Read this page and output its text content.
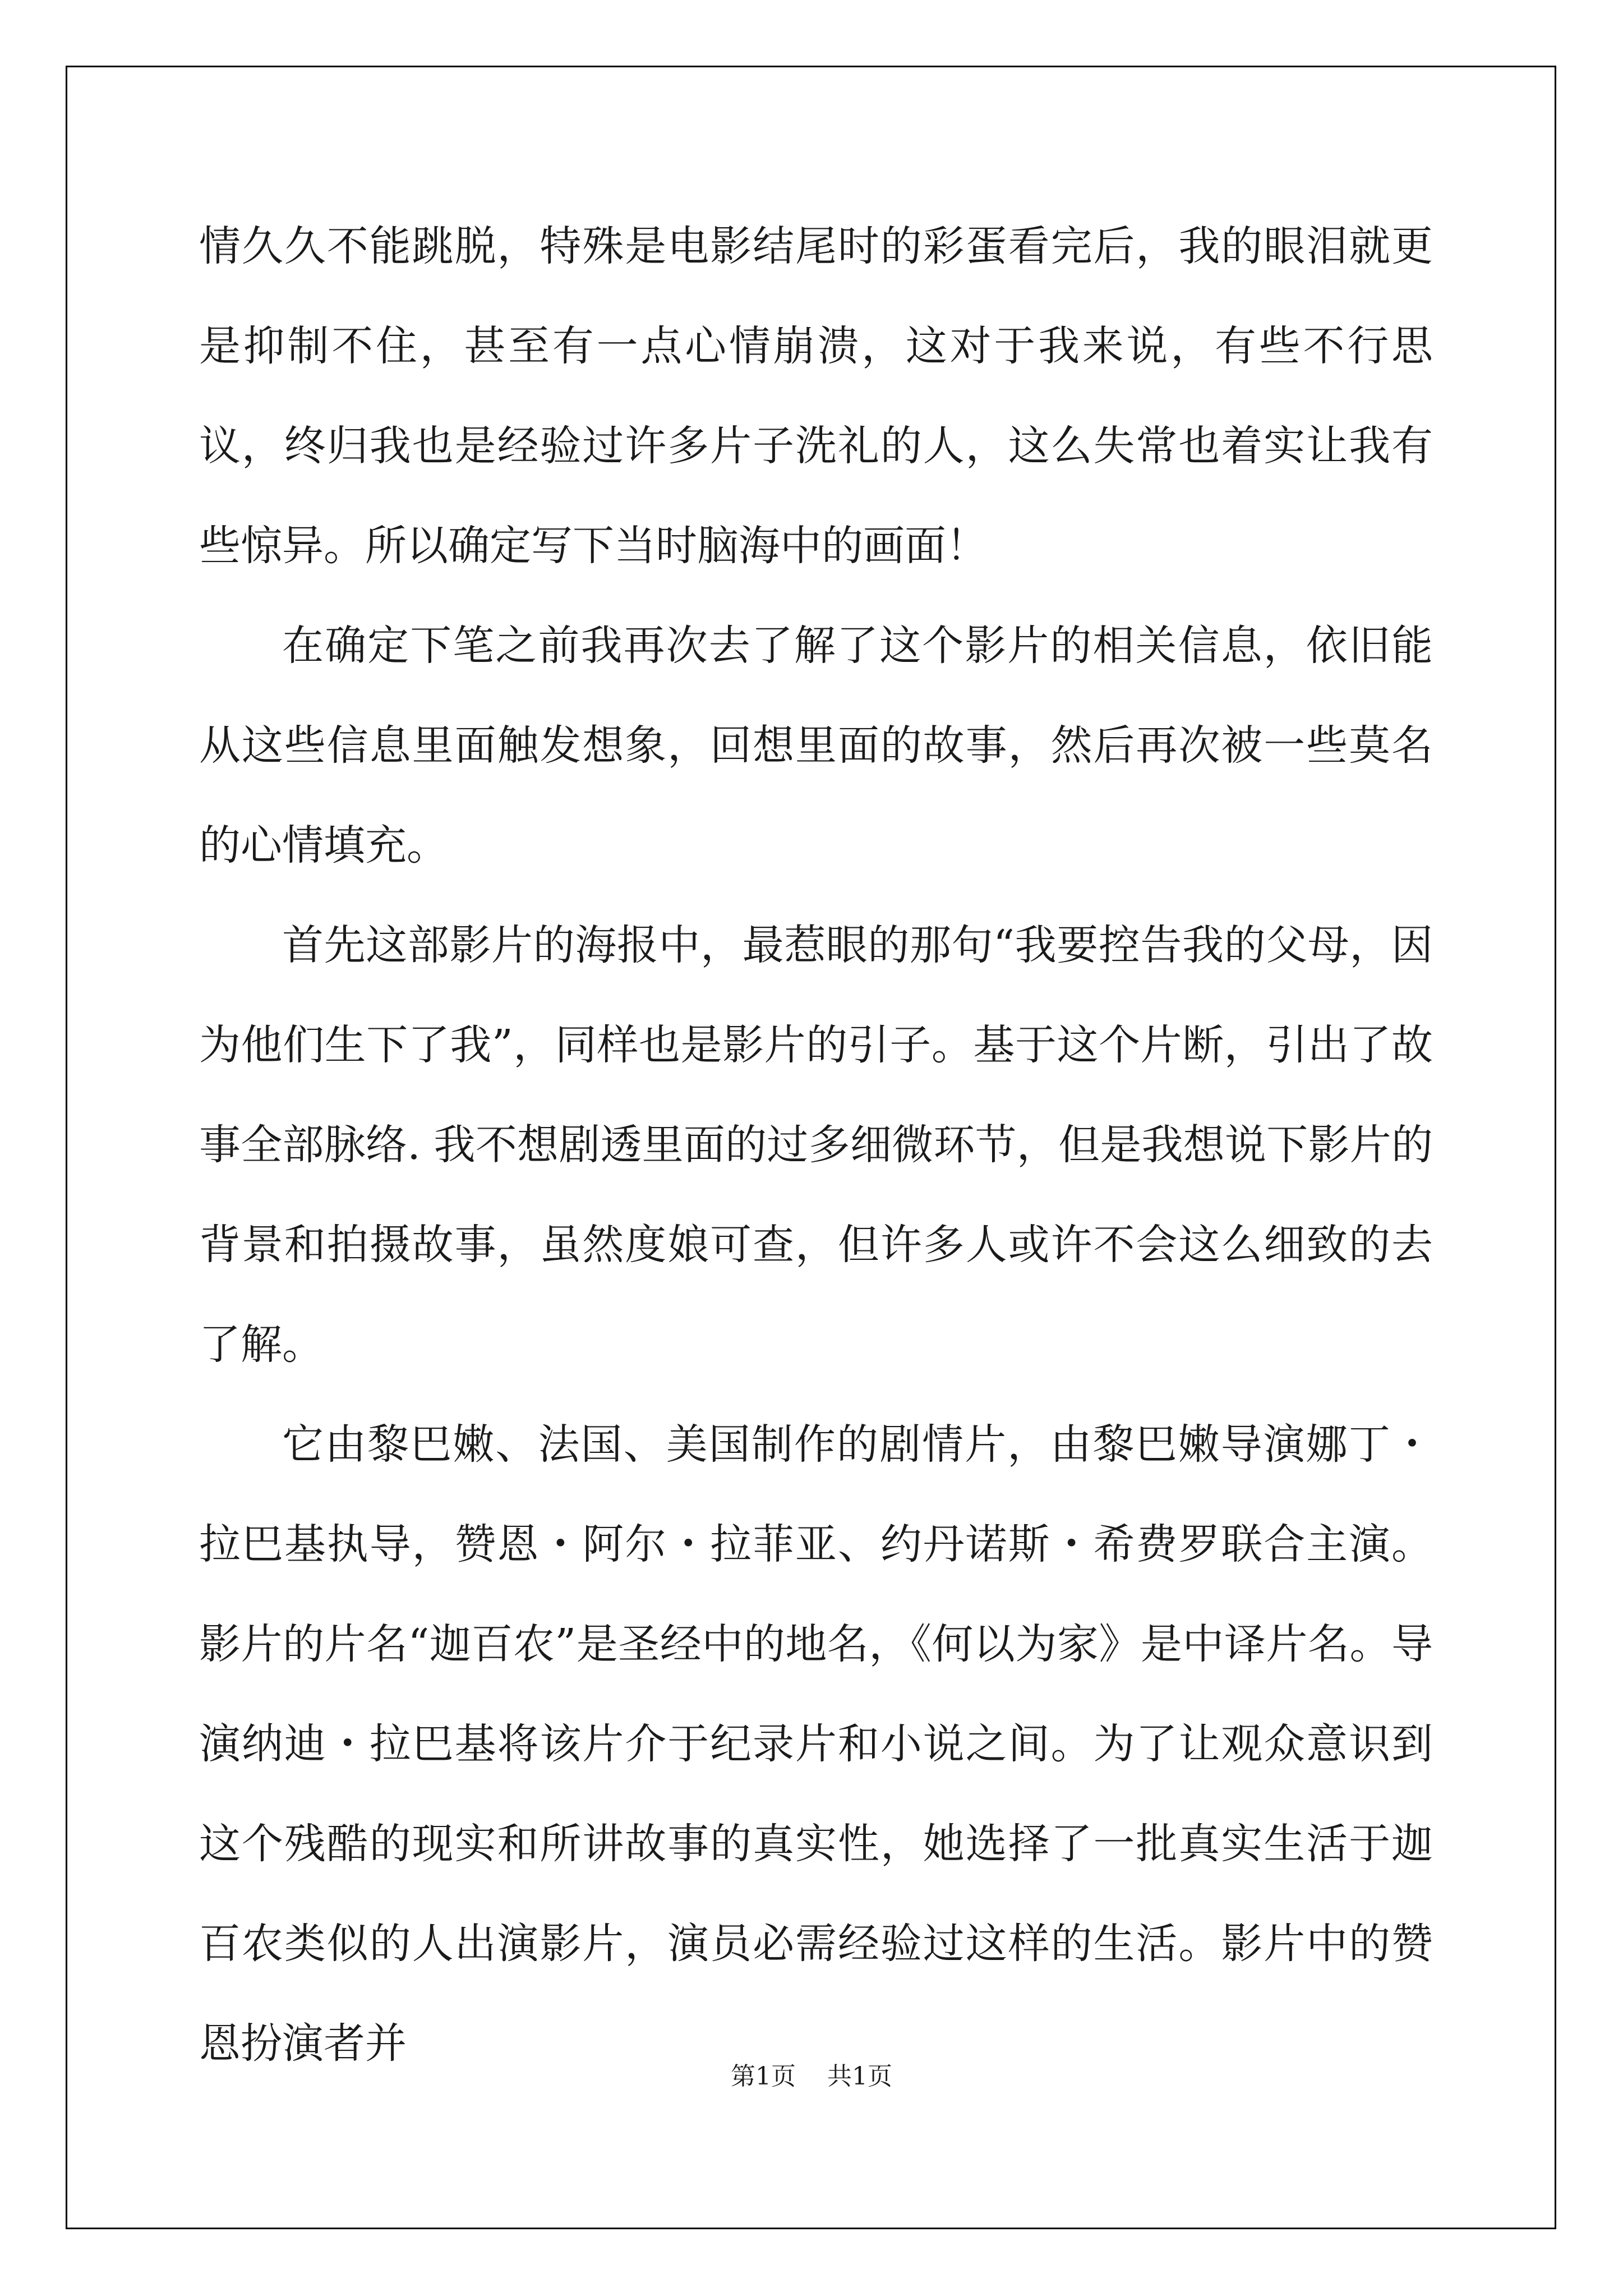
情久久不能跳脱，特殊是电影结尾时的彩蛋看完后，我的眼泪就更是抑制不住，甚至有一点心情崩溃，这对于我来说，有些不行思议，终归我也是经验过许多片子洗礼的人，这么失常也着实让我有些惊异。所以确定写下当时脑海中的画面！

在确定下笔之前我再次去了解了这个影片的相关信息，依旧能从这些信息里面触发想象，回想里面的故事，然后再次被一些莫名的心情填充。

首先这部影片的海报中，最惹眼的那句“我要控告我的父母，因为他们生下了我”，同样也是影片的引子。基于这个片断，引出了故事全部脉络. 我不想剧透里面的过多细微环节，但是我想说下影片的背景和拍摄故事，虽然度娘可查，但许多人或许不会这么细致的去了解。

它由黎巴嫩、法国、美国制作的剧情片，由黎巴嫩导演娜丁・拉巴基执导，赞恩・阿尔・拉菲亚、约丹诺斯・希费罗联合主演。影片的片名“迦百农”是圣经中的地名，《何以为家》是中译片名。导演纳迪・拉巴基将该片介于纪录片和小说之间。为了让观众意识到这个残酷的现实和所讲故事的真实性，她选择了一批真实生活于迦百农类似的人出演影片，演员必需经验过这样的生活。影片中的赞恩扮演者并

第1页    共1页
